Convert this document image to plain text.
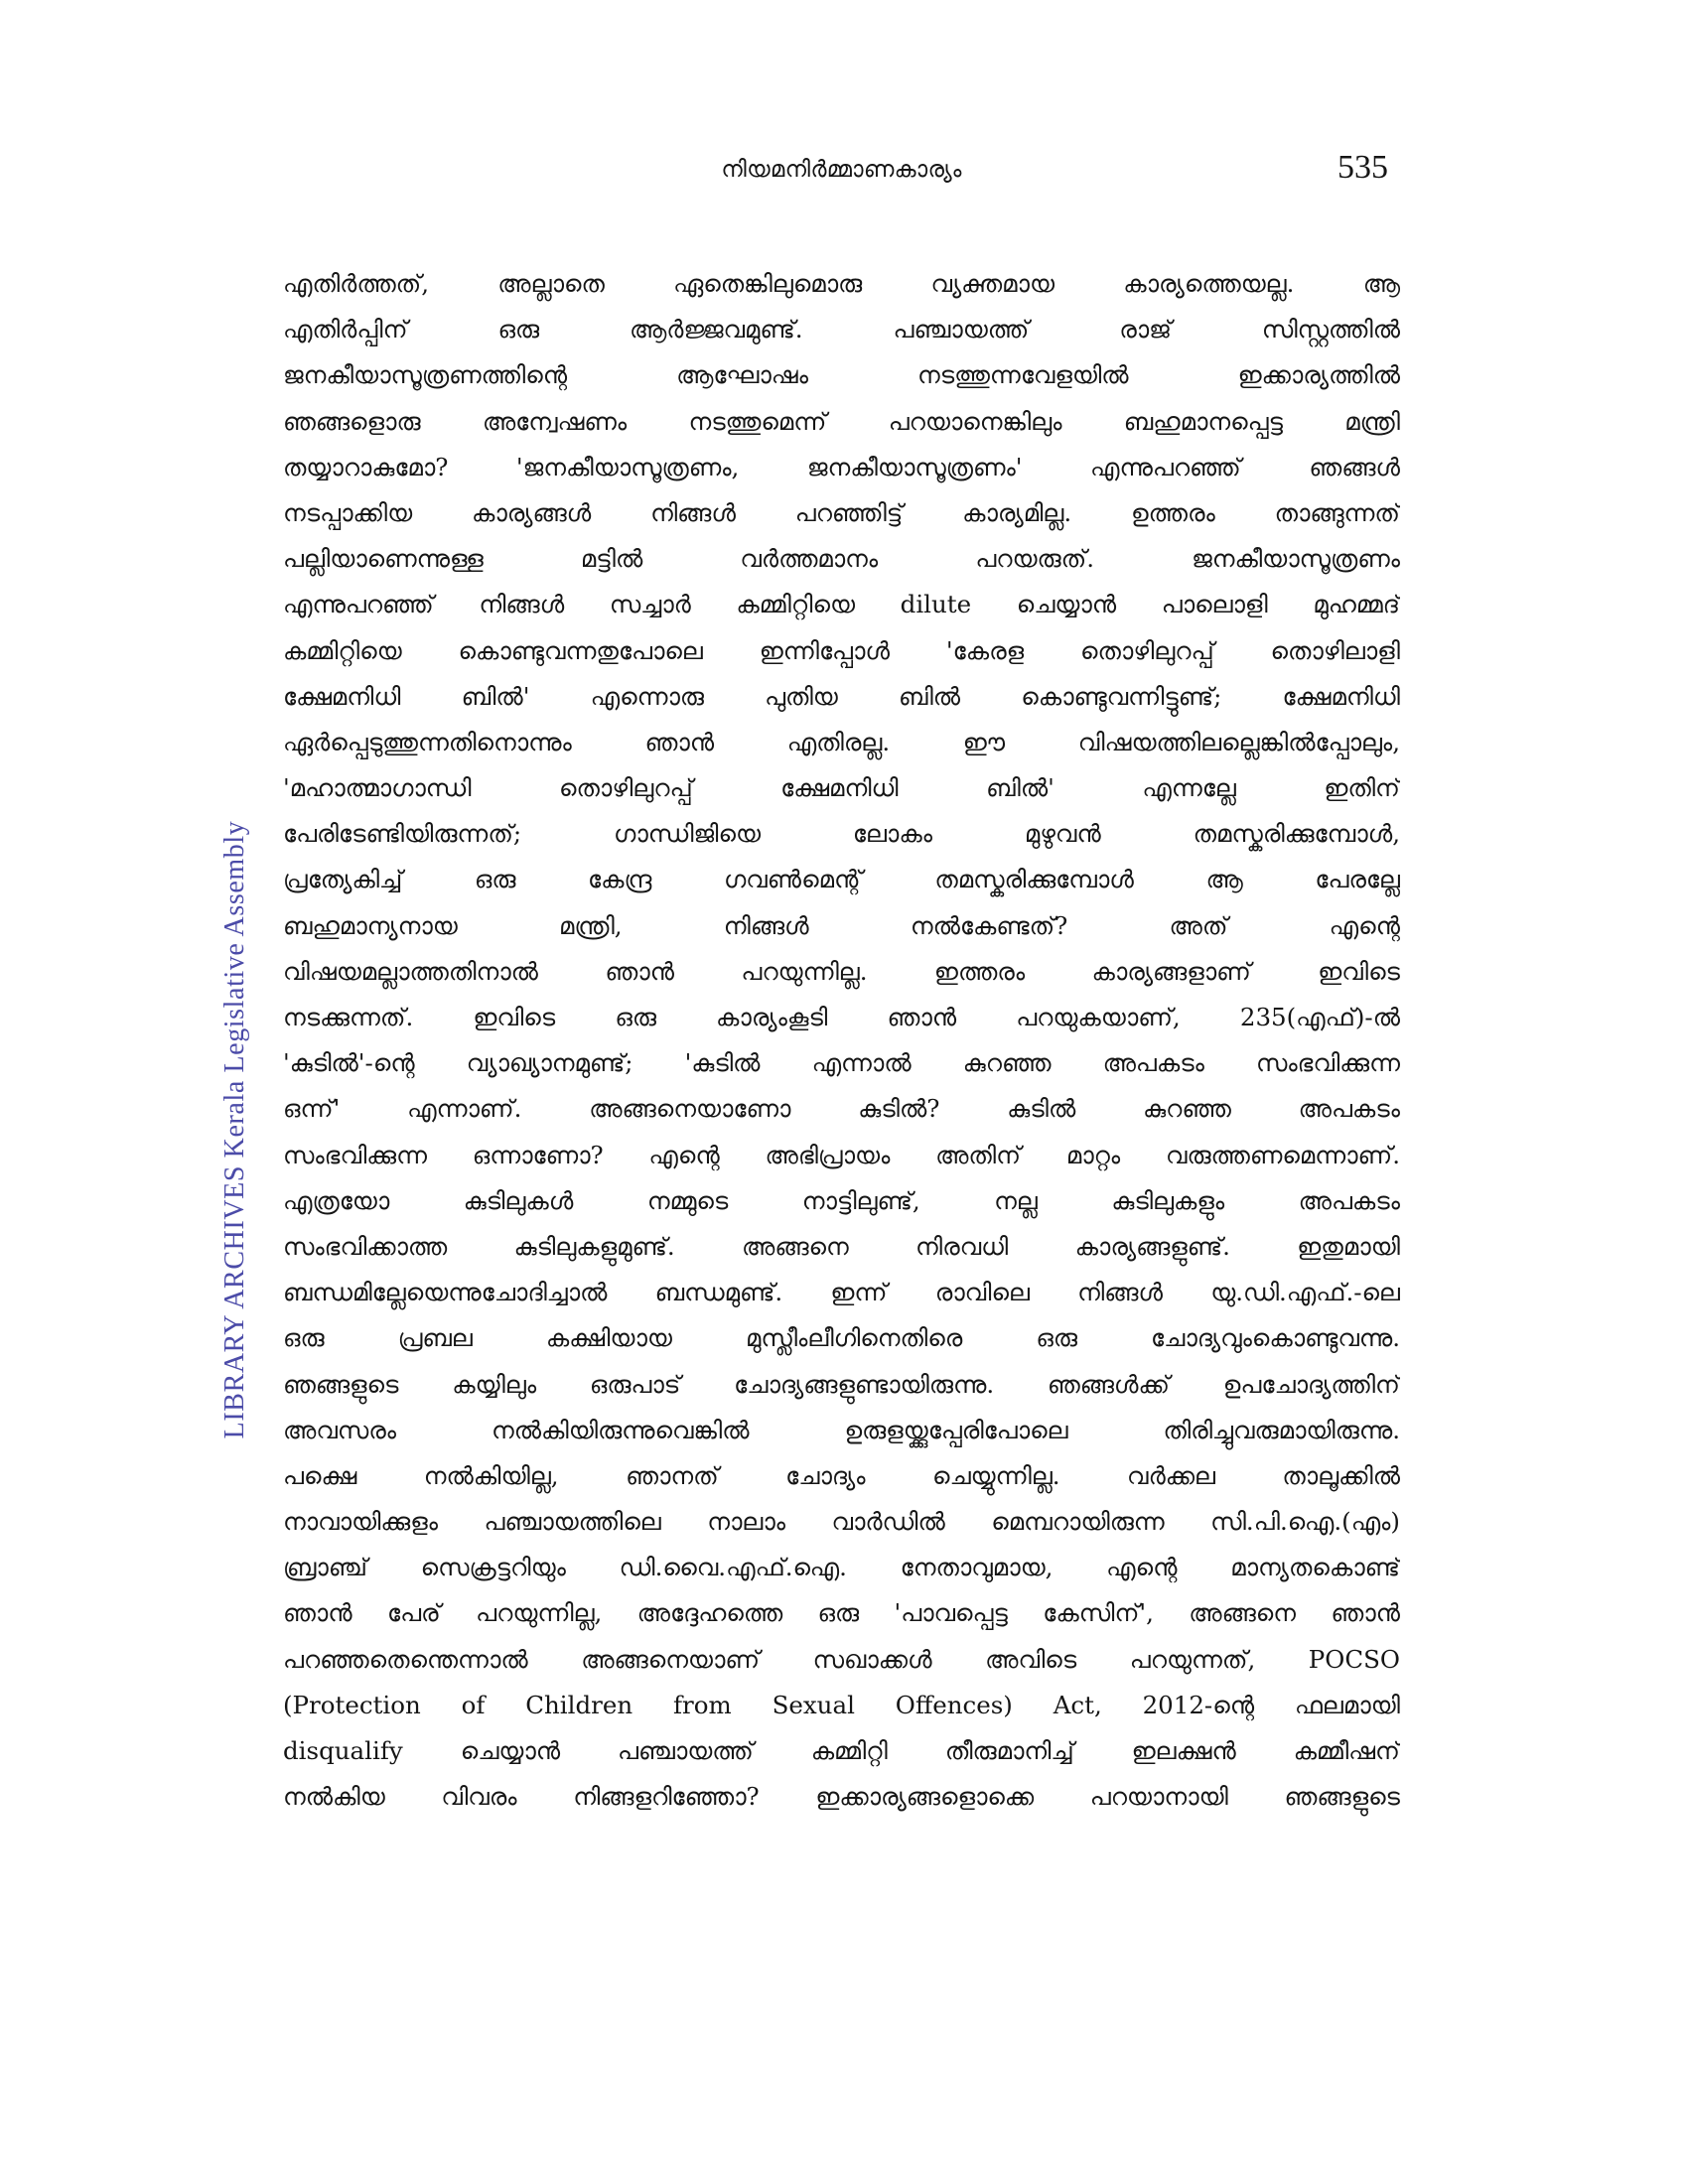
നിയമനിർമ്മാണകാര്യം	535
LIBRARY ARCHIVES Kerala Legislative Assembly
എതിർത്തത്, അല്ലാതെ ഏതെങ്കിലുമൊരു വ്യക്തമായ കാര്യത്തെയല്ല. ആ
എതിർപ്പിന് ഒരു ആർജ്ജവമുണ്ട്. പഞ്ചായത്ത് രാജ് സിസ്റ്റത്തിൽ
ജനകീയാസൂത്രണത്തിന്റെ ആഘോഷം നടത്തുന്നവേളയിൽ ഇക്കാര്യത്തിൽ
ഞങ്ങളൊരു അന്വേഷണം നടത്തുമെന്ന് പറയാനെങ്കിലും ബഹുമാനപ്പെട്ട മന്ത്രി
തയ്യാറാകുമോ? 'ജനകീയാസൂത്രണം, ജനകീയാസൂത്രണം' എന്നുപറഞ്ഞ് ഞങ്ങൾ
നടപ്പാക്കിയ കാര്യങ്ങൾ നിങ്ങൾ പറഞ്ഞിട്ട് കാര്യമില്ല. ഉത്തരം താങ്ങുന്നത്
പല്ലിയാണെന്നുള്ള മട്ടിൽ വർത്തമാനം പറയരുത്. ജനകീയാസൂത്രണം
എന്നുപറഞ്ഞ് നിങ്ങൾ സച്ചാർ കമ്മിറ്റിയെ dilute ചെയ്യാൻ പാലൊളി മുഹമ്മദ്
കമ്മിറ്റിയെ കൊണ്ടുവന്നതുപോലെ ഇന്നിപ്പോൾ 'കേരള തൊഴിലുറപ്പ് തൊഴിലാളി
ക്ഷേമനിധി ബിൽ' എന്നൊരു പുതിയ ബിൽ കൊണ്ടുവന്നിട്ടുണ്ട്; ക്ഷേമനിധി
ഏർപ്പെടുത്തുന്നതിനൊന്നും ഞാൻ എതിരല്ല. ഈ വിഷയത്തിലല്ലെങ്കിൽപ്പോലും,
'മഹാത്മാഗാന്ധി തൊഴിലുറപ്പ് ക്ഷേമനിധി ബിൽ' എന്നല്ലേ ഇതിന്
പേരിടേണ്ടിയിരുന്നത്; ഗാന്ധിജിയെ ലോകം മുഴുവൻ തമസ്കരിക്കുമ്പോൾ,
പ്രത്യേകിച്ച് ഒരു കേന്ദ്ര ഗവൺമെന്റ് തമസ്കരിക്കുമ്പോൾ ആ പേരല്ലേ
ബഹുമാന്യനായ മന്ത്രി, നിങ്ങൾ നൽകേണ്ടത്? അത് എന്റെ
വിഷയമല്ലാത്തതിനാൽ ഞാൻ പറയുന്നില്ല. ഇത്തരം കാര്യങ്ങളാണ് ഇവിടെ
നടക്കുന്നത്. ഇവിടെ ഒരു കാര്യംകൂടി ഞാൻ പറയുകയാണ്, 235(എഫ്)-ൽ
'കുടിൽ'-ന്റെ വ്യാഖ്യാനമുണ്ട്; 'കുടിൽ എന്നാൽ കുറഞ്ഞ അപകടം സംഭവിക്കുന്ന
ഒന്ന്' എന്നാണ്. അങ്ങനെയാണോ കുടിൽ? കുടിൽ കുറഞ്ഞ അപകടം
സംഭവിക്കുന്ന ഒന്നാണോ? എന്റെ അഭിപ്രായം അതിന് മാറ്റം വരുത്തണമെന്നാണ്.
എത്രയോ കുടിലുകൾ നമ്മുടെ നാട്ടിലുണ്ട്, നല്ല കുടിലുകളും അപകടം
സംഭവിക്കാത്ത കുടിലുകളുമുണ്ട്. അങ്ങനെ നിരവധി കാര്യങ്ങളുണ്ട്. ഇതുമായി
ബന്ധമില്ലേയെന്നുചോദിച്ചാൽ ബന്ധമുണ്ട്. ഇന്ന് രാവിലെ നിങ്ങൾ യു.ഡി.എഫ്.-ലെ
ഒരു പ്രബല കക്ഷിയായ മുസ്ലീംലീഗിനെതിരെ ഒരു ചോദ്യവുംകൊണ്ടുവന്നു.
ഞങ്ങളുടെ കയ്യിലും ഒരുപാട് ചോദ്യങ്ങളുണ്ടായിരുന്നു. ഞങ്ങൾക്ക് ഉപചോദ്യത്തിന്
അവസരം നൽകിയിരുന്നുവെങ്കിൽ ഉരുളയ്ക്കുപ്പേരിപോലെ തിരിച്ചുവരുമായിരുന്നു.
പക്ഷെ നൽകിയില്ല, ഞാനത് ചോദ്യം ചെയ്യുന്നില്ല. വർക്കല താലൂക്കിൽ
നാവായിക്കുളം പഞ്ചായത്തിലെ നാലാം വാർഡിൽ മെമ്പറായിരുന്ന സി.പി.ഐ.(എം)
ബ്രാഞ്ച് സെക്രട്ടറിയും ഡി.വൈ.എഫ്.ഐ. നേതാവുമായ, എന്റെ മാന്യതകൊണ്ട്
ഞാൻ പേര് പറയുന്നില്ല, അദ്ദേഹത്തെ ഒരു 'പാവപ്പെട്ട കേസിന്', അങ്ങനെ ഞാൻ
പറഞ്ഞതെന്തെന്നാൽ അങ്ങനെയാണ് സഖാക്കൾ അവിടെ പറയുന്നത്, POCSO
(Protection of Children from Sexual Offences) Act, 2012-ന്റെ ഫലമായി
disqualify ചെയ്യാൻ പഞ്ചായത്ത് കമ്മിറ്റി തീരുമാനിച്ച് ഇലക്ഷൻ കമ്മീഷന്
നൽകിയ വിവരം നിങ്ങളറിഞ്ഞോ? ഇക്കാര്യങ്ങളൊക്കെ പറയാനായി ഞങ്ങളുടെ
